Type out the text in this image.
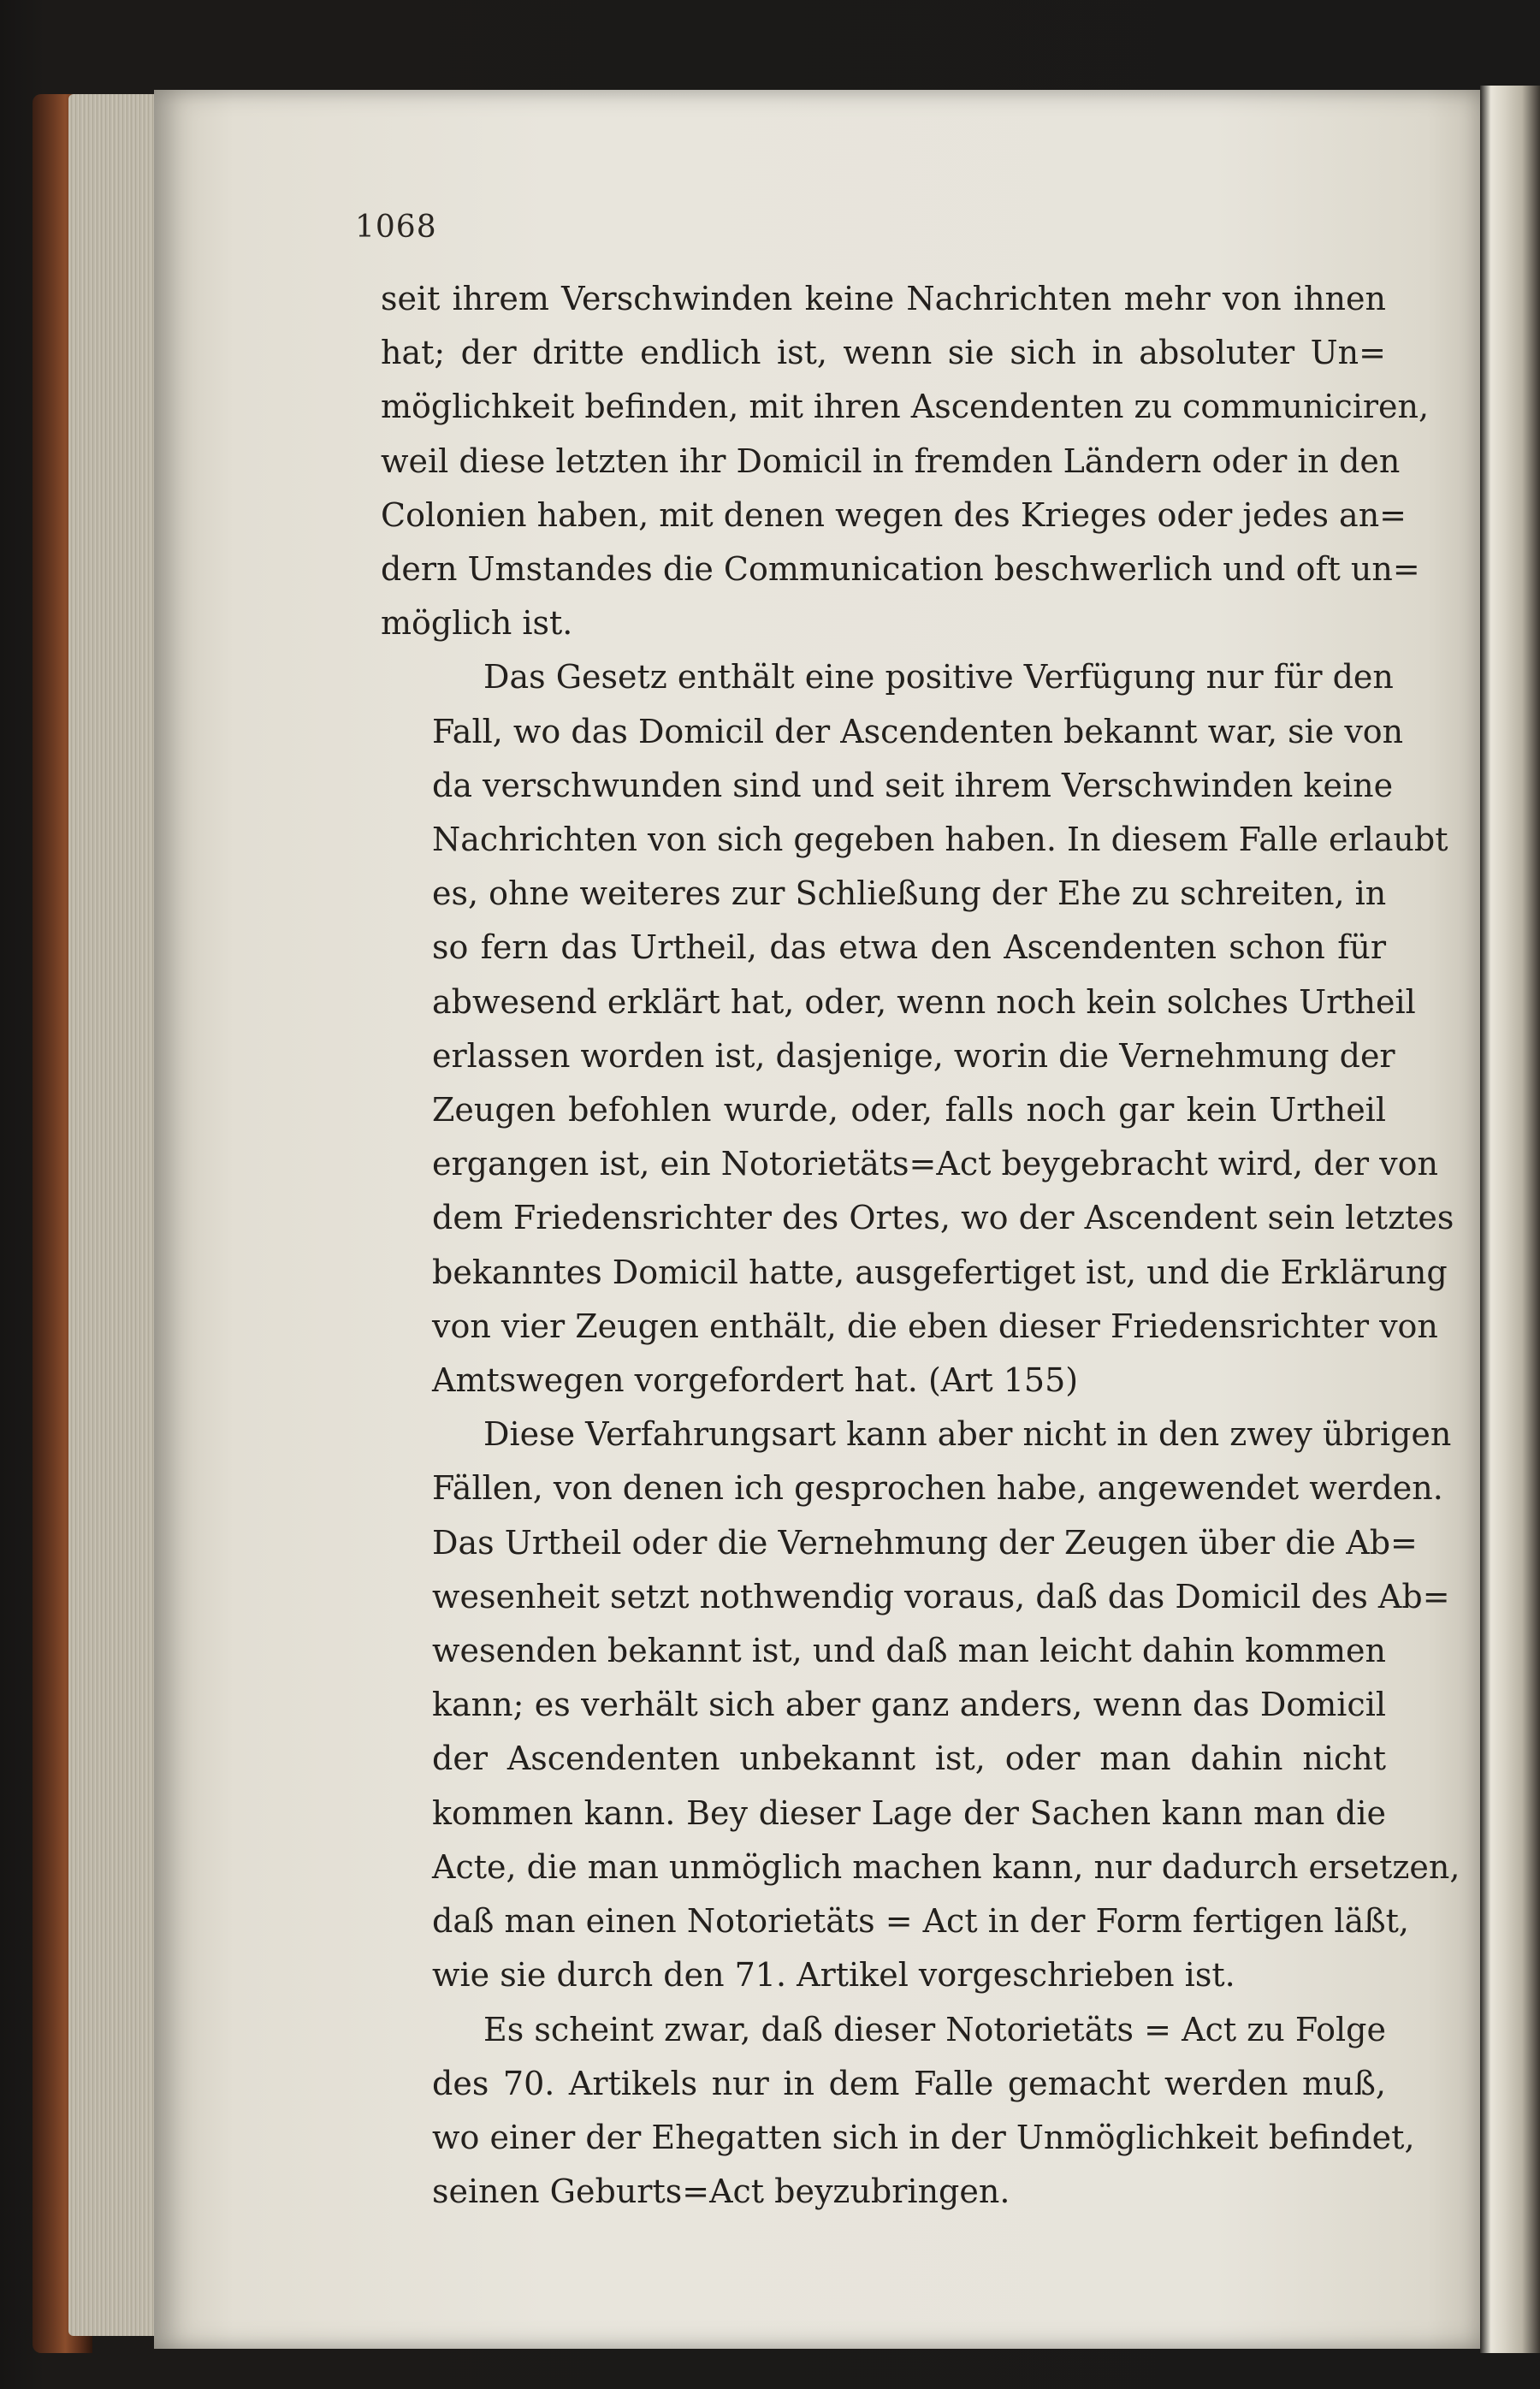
1068

seit ihrem Verschwinden keine Nachrichten mehr von ihnen
hat; der dritte endlich ist, wenn sie sich in absoluter Un=
möglichkeit befinden, mit ihren Ascendenten zu communiciren,
weil diese letzten ihr Domicil in fremden Ländern oder in den
Colonien haben, mit denen wegen des Krieges oder jedes an=
dern Umstandes die Communication beschwerlich und oft un=
möglich ist.

Das Gesetz enthält eine positive Verfügung nur für den
Fall, wo das Domicil der Ascendenten bekannt war, sie von
da verschwunden sind und seit ihrem Verschwinden keine
Nachrichten von sich gegeben haben. In diesem Falle erlaubt
es, ohne weiteres zur Schließung der Ehe zu schreiten, in
so fern das Urtheil, das etwa den Ascendenten schon für
abwesend erklärt hat, oder, wenn noch kein solches Urtheil
erlassen worden ist, dasjenige, worin die Vernehmung der
Zeugen befohlen wurde, oder, falls noch gar kein Urtheil
ergangen ist, ein Notorietäts=Act beygebracht wird, der von
dem Friedensrichter des Ortes, wo der Ascendent sein letztes
bekanntes Domicil hatte, ausgefertiget ist, und die Erklärung
von vier Zeugen enthält, die eben dieser Friedensrichter von
Amtswegen vorgefordert hat. (Art 155)

Diese Verfahrungsart kann aber nicht in den zwey übrigen
Fällen, von denen ich gesprochen habe, angewendet werden.
Das Urtheil oder die Vernehmung der Zeugen über die Ab=
wesenheit setzt nothwendig voraus, daß das Domicil des Ab=
wesenden bekannt ist, und daß man leicht dahin kommen
kann; es verhält sich aber ganz anders, wenn das Domicil
der Ascendenten unbekannt ist, oder man dahin nicht
kommen kann. Bey dieser Lage der Sachen kann man die
Acte, die man unmöglich machen kann, nur dadurch ersetzen,
daß man einen Notorietäts = Act in der Form fertigen läßt,
wie sie durch den 71. Artikel vorgeschrieben ist.

Es scheint zwar, daß dieser Notorietäts = Act zu Folge
des 70. Artikels nur in dem Falle gemacht werden muß,
wo einer der Ehegatten sich in der Unmöglichkeit befindet,
seinen Geburts=Act beyzubringen.
